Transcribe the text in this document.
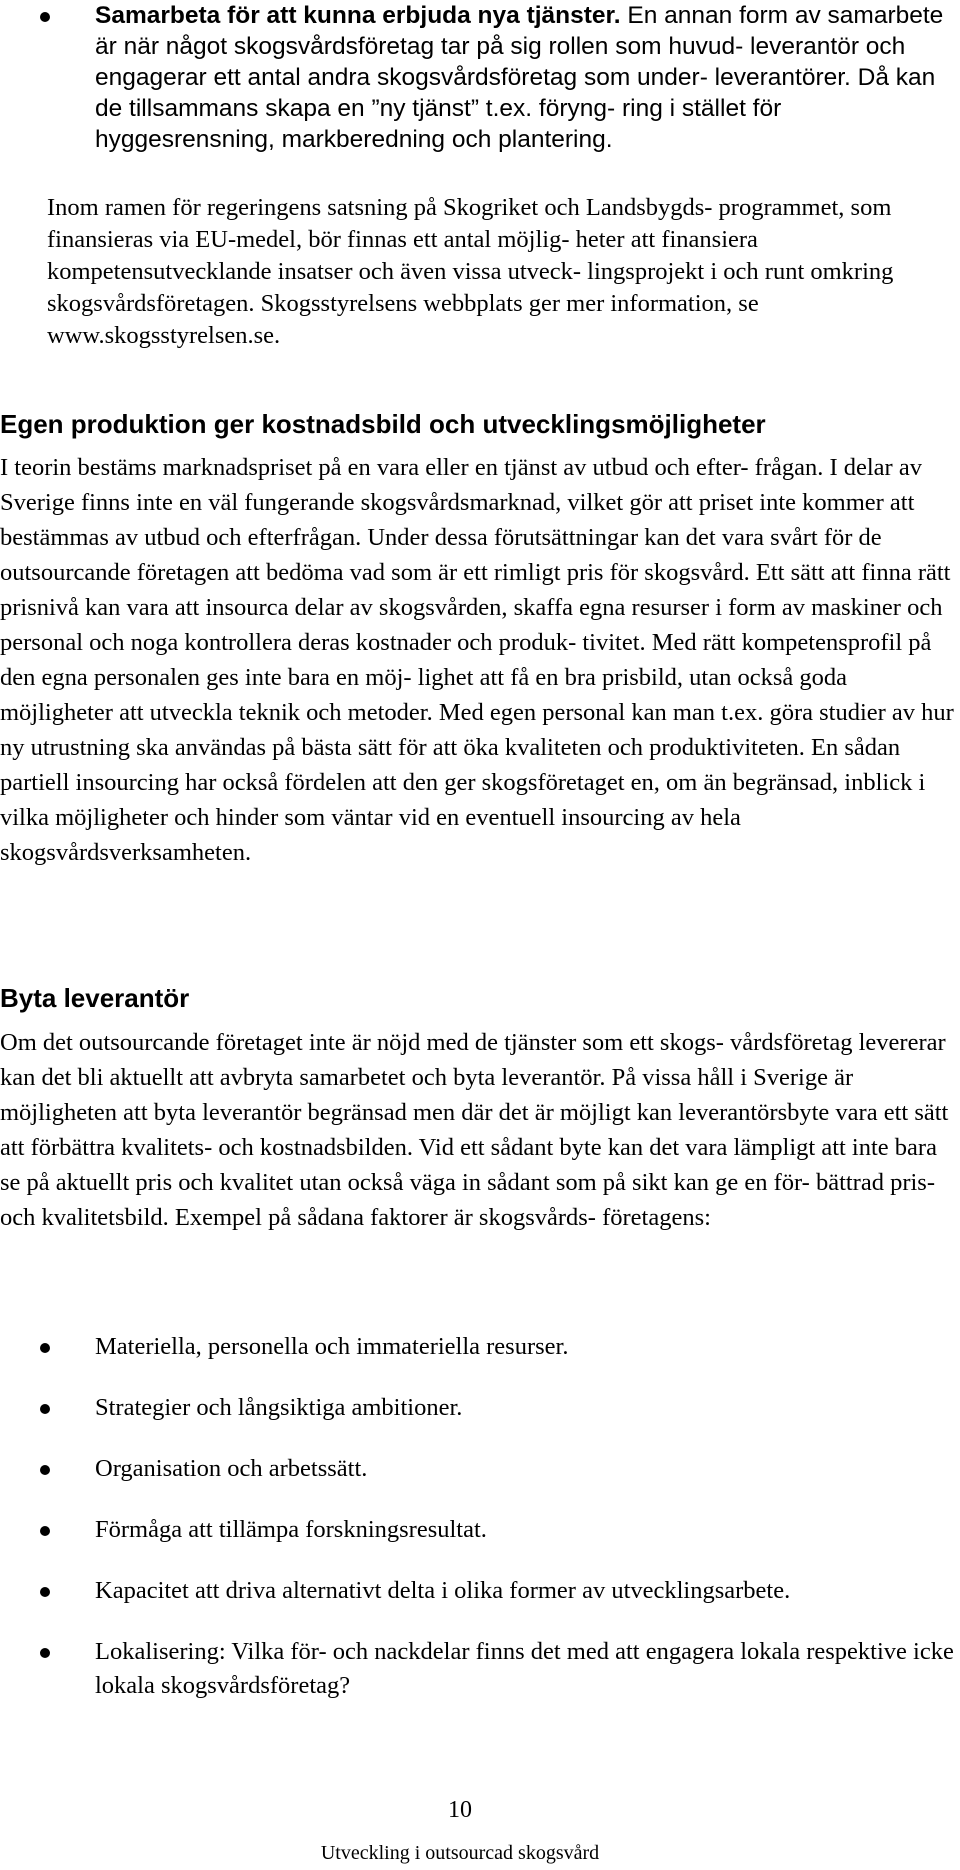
Samarbeta för att kunna erbjuda nya tjänster. En annan form av samarbete är när något skogsvårdsföretag tar på sig rollen som huvud- leverantör och engagerar ett antal andra skogsvårdsföretag som under- leverantörer. Då kan de tillsammans skapa en ”ny tjänst” t.ex. föryng- ring i stället för hyggesrensning, markberedning och plantering.

Inom ramen för regeringens satsning på Skogriket och Landsbygds- programmet, som finansieras via EU-medel, bör finnas ett antal möjlig- heter att finansiera kompetensutvecklande insatser och även vissa utveck- lingsprojekt i och runt omkring skogsvårdsföretagen. Skogsstyrelsens webbplats ger mer information, se www.skogsstyrelsen.se.

Egen produktion ger kostnadsbild och utvecklingsmöjligheter

I teorin bestäms marknadspriset på en vara eller en tjänst av utbud och efter- frågan. I delar av Sverige finns inte en väl fungerande skogsvårdsmarknad, vilket gör att priset inte kommer att bestämmas av utbud och efterfrågan. Under dessa förutsättningar kan det vara svårt för de outsourcande företagen att bedöma vad som är ett rimligt pris för skogsvård. Ett sätt att finna rätt prisnivå kan vara att insourca delar av skogsvården, skaffa egna resurser i form av maskiner och personal och noga kontrollera deras kostnader och produk- tivitet. Med rätt kompetensprofil på den egna personalen ges inte bara en möj- lighet att få en bra prisbild, utan också goda möjligheter att utveckla teknik och metoder. Med egen personal kan man t.ex. göra studier av hur ny utrustning ska användas på bästa sätt för att öka kvaliteten och produktiviteten. En sådan partiell insourcing har också fördelen att den ger skogsföretaget en, om än begränsad, inblick i vilka möjligheter och hinder som väntar vid en eventuell insourcing av hela skogsvårdsverksamheten.

Byta leverantör

Om det outsourcande företaget inte är nöjd med de tjänster som ett skogs- vårdsföretag levererar kan det bli aktuellt att avbryta samarbetet och byta leverantör. På vissa håll i Sverige är möjligheten att byta leverantör begränsad men där det är möjligt kan leverantörsbyte vara ett sätt att förbättra kvalitets- och kostnadsbilden. Vid ett sådant byte kan det vara lämpligt att inte bara se på aktuellt pris och kvalitet utan också väga in sådant som på sikt kan ge en för- bättrad pris- och kvalitetsbild. Exempel på sådana faktorer är skogsvårds- företagens:

Materiella, personella och immateriella resurser.
Strategier och långsiktiga ambitioner.
Organisation och arbetssätt.
Förmåga att tillämpa forskningsresultat.
Kapacitet att driva alternativt delta i olika former av utvecklingsarbete.
Lokalisering: Vilka för- och nackdelar finns det med att engagera lokala respektive icke lokala skogsvårdsföretag?

10

Utveckling i outsourcad skogsvård
